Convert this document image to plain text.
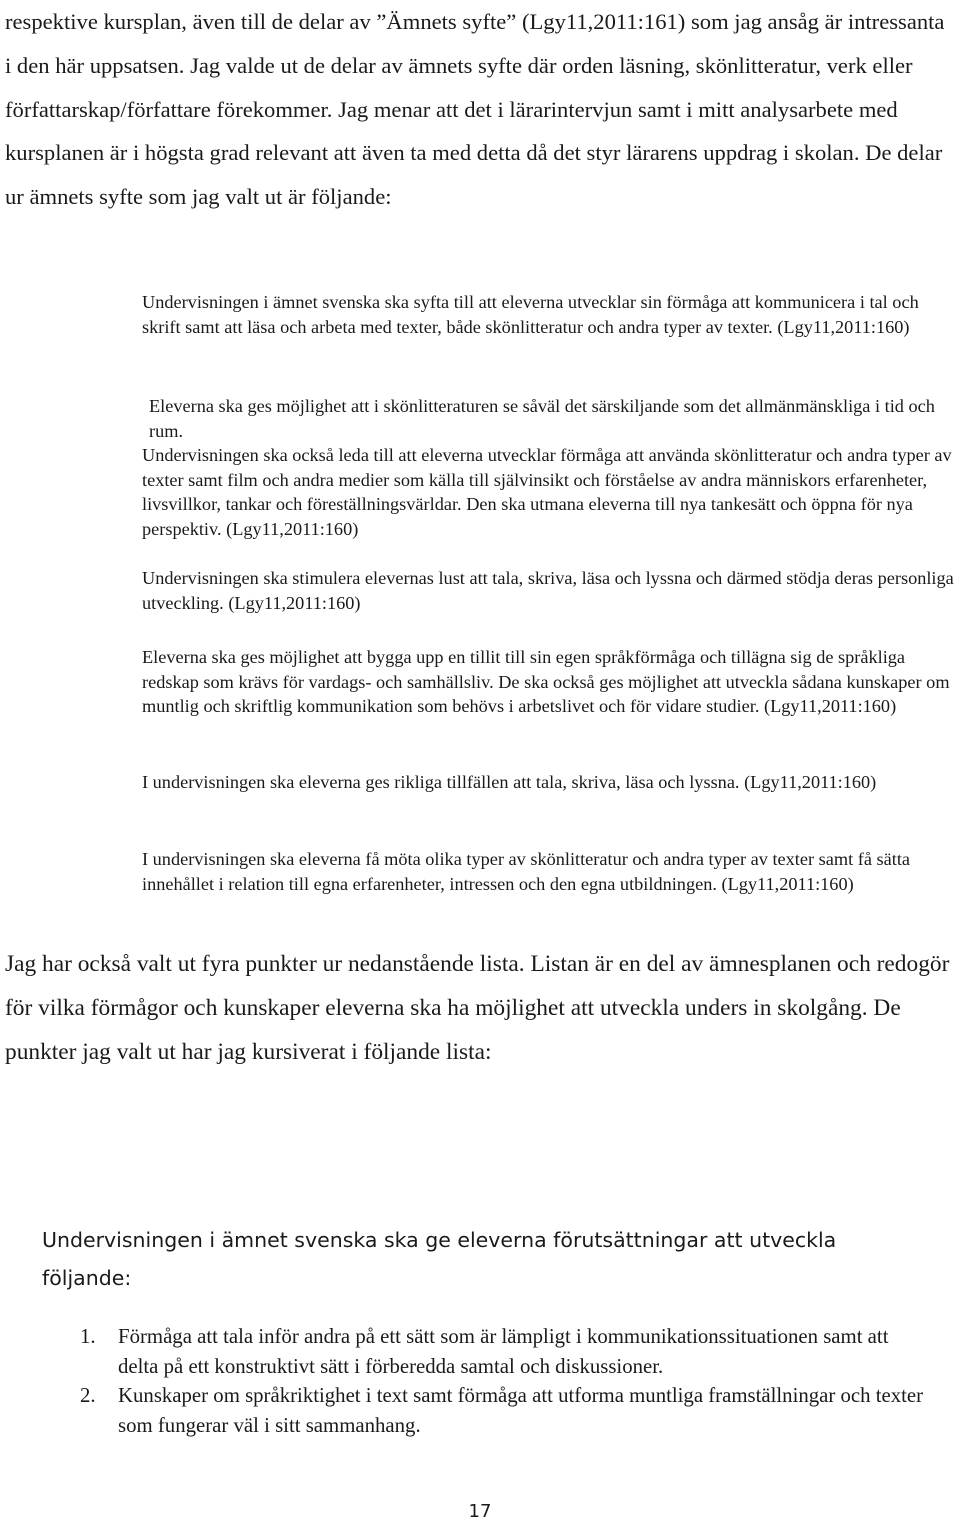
respektive kursplan, även till de delar av ”Ämnets syfte” (Lgy11,2011:161) som jag ansåg är intressanta i den här uppsatsen. Jag valde ut de delar av ämnets syfte där orden läsning, skönlitteratur, verk eller författarskap/författare förekommer. Jag menar att det i lärarintervjun samt i mitt analysarbete med kursplanen är i högsta grad relevant att även ta med detta då det styr lärarens uppdrag i skolan. De delar ur ämnets syfte som jag valt ut är följande:

Undervisningen i ämnet svenska ska syfta till att eleverna utvecklar sin förmåga att kommunicera i tal och skrift samt att läsa och arbeta med texter, både skönlitteratur och andra typer av texter. (Lgy11,2011:160)

Eleverna ska ges möjlighet att i skönlitteraturen se såväl det särskiljande som det allmänmänskliga i tid och rum. Undervisningen ska också leda till att eleverna utvecklar förmåga att använda skönlitteratur och andra typer av texter samt film och andra medier som källa till självinsikt och förståelse av andra människors erfarenheter, livsvillkor, tankar och föreställningsvärldar. Den ska utmana eleverna till nya tankesätt och öppna för nya perspektiv. (Lgy11,2011:160)

Undervisningen ska stimulera elevernas lust att tala, skriva, läsa och lyssna och därmed stödja deras personliga utveckling. (Lgy11,2011:160)

Eleverna ska ges möjlighet att bygga upp en tillit till sin egen språkförmåga och tillägna sig de språkliga redskap som krävs för vardags- och samhällsliv. De ska också ges möjlighet att utveckla sådana kunskaper om muntlig och skriftlig kommunikation som behövs i arbetslivet och för vidare studier. (Lgy11,2011:160)

I undervisningen ska eleverna ges rikliga tillfällen att tala, skriva, läsa och lyssna. (Lgy11,2011:160)

I undervisningen ska eleverna få möta olika typer av skönlitteratur och andra typer av texter samt få sätta innehållet i relation till egna erfarenheter, intressen och den egna utbildningen. (Lgy11,2011:160)

Jag har också valt ut fyra punkter ur nedanstående lista. Listan är en del av ämnesplanen och redogör för vilka förmågor och kunskaper eleverna ska ha möjlighet att utveckla unders in skolgång. De punkter jag valt ut har jag kursiverat i följande lista:

Undervisningen i ämnet svenska ska ge eleverna förutsättningar att utveckla följande:

1. Förmåga att tala inför andra på ett sätt som är lämpligt i kommunikationssituationen samt att delta på ett konstruktivt sätt i förberedda samtal och diskussioner.
2. Kunskaper om språkriktighet i text samt förmåga att utforma muntliga framställningar och texter som fungerar väl i sitt sammanhang.

17
